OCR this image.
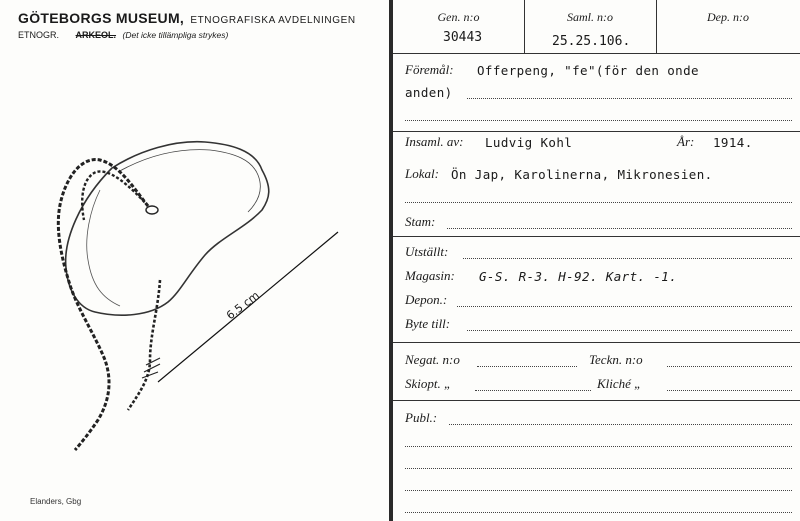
GÖTEBORGS MUSEUM, ETNOGRAFISKA AVDELNINGEN
ETNOGR. ARKEOL. (Det icke tillämpliga strykes)
6.5 cm
Elanders, Gbg
Gen. n:o
30443
Saml. n:o
25.25.106.
Dep. n:o
Föremål: Offerpeng, "fe"(för den onde
anden)
Insaml. av: Ludvig Kohl	År: 1914.
Lokal: Ön Jap, Karolinerna, Mikronesien.
Stam:
Utställt:
Magasin: G-S. R-3. H-92. Kart. -1.
Depon.:
Byte till:
Negat. n:o	Teckn. n:o
Skiopt. „	Kliché „
Publ.:
